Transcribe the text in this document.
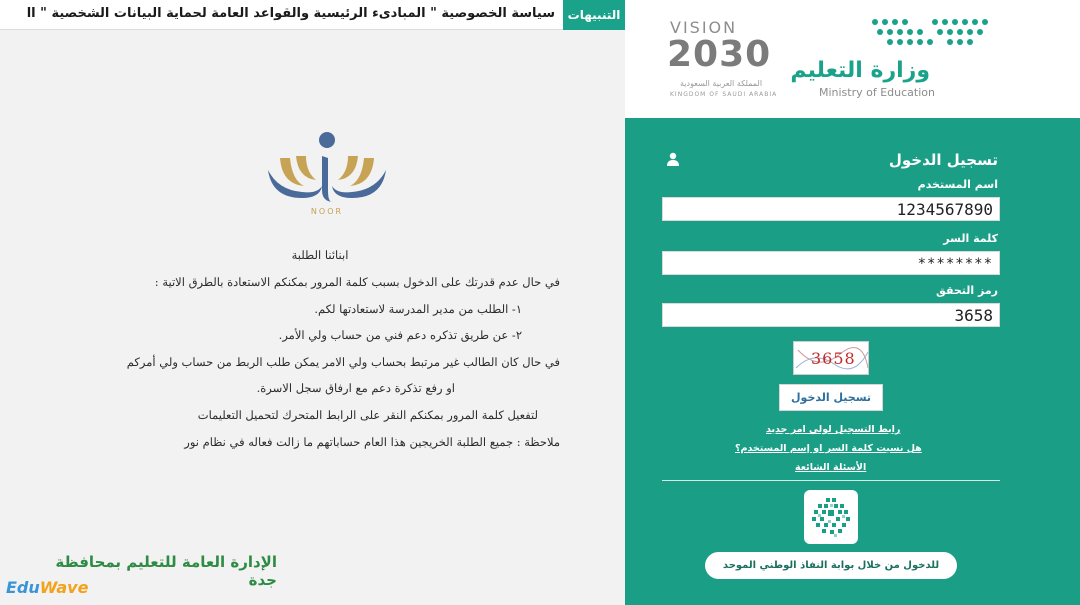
سياسة الخصوصية " المبادىء الرئيسية والقواعد العامة لحماية البيانات الشخصية " اا	التنبيهات
NOOR
ابنائنا الطلبة
في حال عدم قدرتك على الدخول بسبب كلمة المرور بمكنكم الاستعادة بالطرق الاتية :
١- الطلب من مدير المدرسة لاستعادتها لكم.
٢- عن طريق تذكره دعم فني من حساب ولي الأمر.
في حال كان الطالب غير مرتبط بحساب ولي الامر يمكن طلب الربط من حساب ولي أمركم
او رفع تذكرة دعم مع ارفاق سجل الاسرة.
لتفعيل كلمة المرور بمكنكم النقر على الرابط المتحرك لتحميل التعليمات
ملاحظة : جميع الطلبة الخريجين هذا العام حساباتهم ما زالت فعاله في نظام نور
الإدارة العامة للتعليم بمحافظة جدة
EduWave
VISION
2030
المملكة العربية السعودية
KINGDOM OF SAUDI ARABIA
وزارة التعليم
Ministry of Education
تسجيل الدخول
اسم المستخدم
1234567890
كلمة السر
********
رمز التحقق
3658
3658
تسجيل الدخول
رابط التسجيل لولي امر جديد
هل نسيت كلمة السر او إسم المستخدم؟
الأسئلة الشائعة
للدخول من خلال بوابة النفاذ الوطني الموحد
